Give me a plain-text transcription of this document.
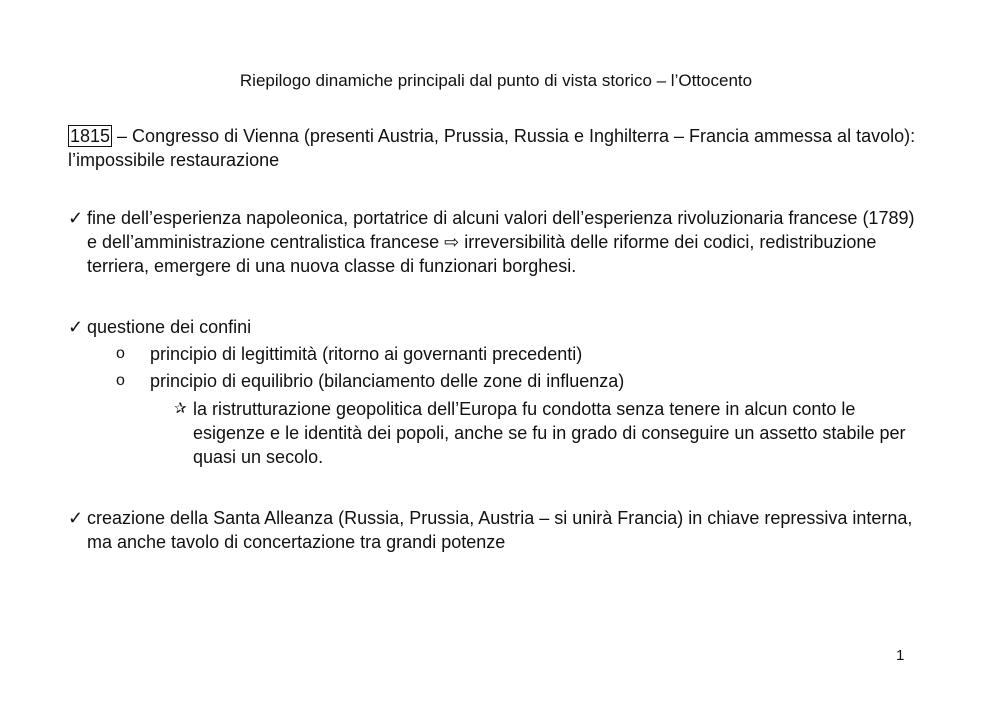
Riepilogo dinamiche principali dal punto di vista storico – l’Ottocento
1815 – Congresso di Vienna (presenti Austria, Prussia, Russia e Inghilterra – Francia ammessa al tavolo): l’impossibile restaurazione
✓ fine dell’esperienza napoleonica, portatrice di alcuni valori dell’esperienza rivoluzionaria francese (1789) e dell’amministrazione centralistica francese ⇨ irreversibilità delle riforme dei codici, redistribuzione terriera, emergere di una nuova classe di funzionari borghesi.
✓ questione dei confini
o principio di legittimità (ritorno ai governanti precedenti)
o principio di equilibrio (bilanciamento delle zone di influenza)
✰ la ristrutturazione geopolitica dell’Europa fu condotta senza tenere in alcun conto le esigenze e le identità dei popoli, anche se fu in grado di conseguire un assetto stabile per quasi un secolo.
✓ creazione della Santa Alleanza (Russia, Prussia, Austria – si unirà Francia) in chiave repressiva interna, ma anche tavolo di concertazione tra grandi potenze
1
